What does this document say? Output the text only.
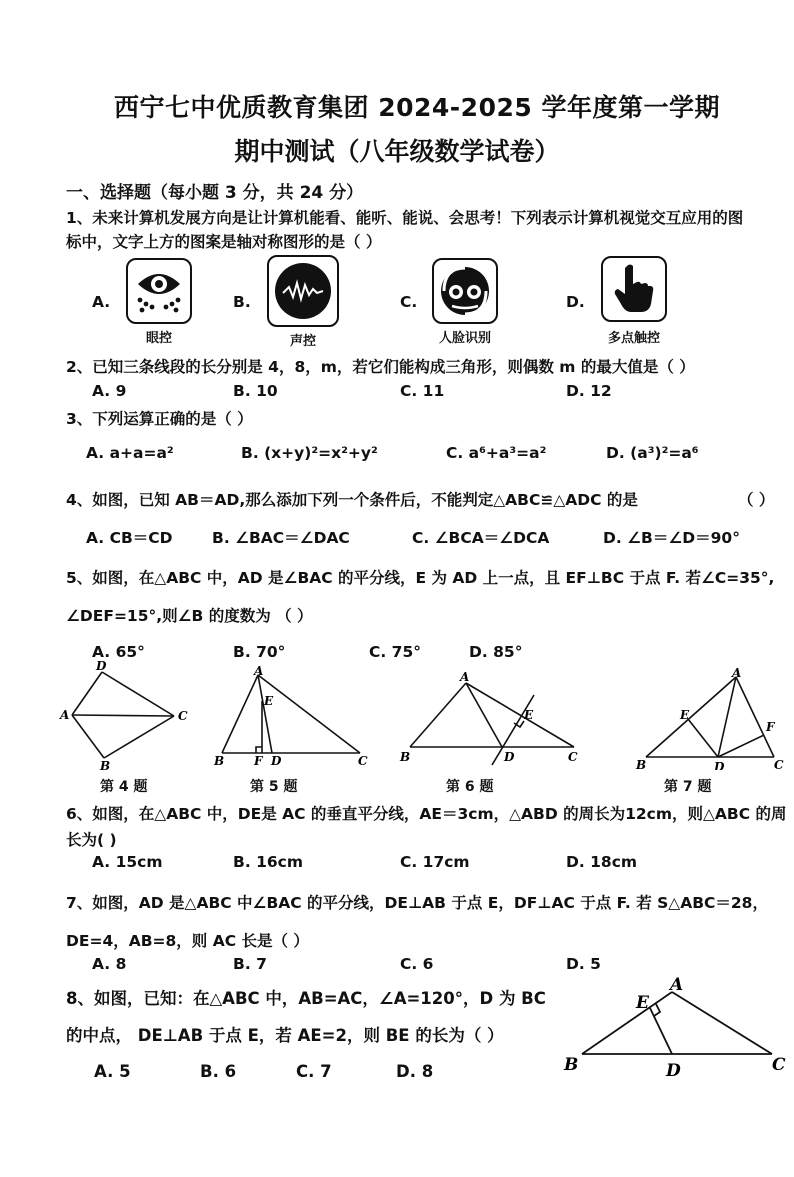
西宁七中优质教育集团 2024-2025 学年度第一学期
期中测试（八年级数学试卷）
一、选择题（每小题 3 分，共 24 分）
1、未来计算机发展方向是让计算机能看、能听、能说、会思考！下列表示计算机视觉交互应用的图
标中，文字上方的图案是轴对称图形的是（ ）
A.
眼控
B.
声控
C.
人脸识别
D.
多点触控
2、已知三条线段的长分别是 4，8，m，若它们能构成三角形，则偶数 m 的最大值是（ ）
A. 9	B. 10	C. 11	D. 12
3、下列运算正确的是（ ）
A. a+a=a²	B. (x+y)²=x²+y²	C. a⁶+a³=a²	D. (a³)²=a⁶
4、如图，已知 AB＝AD,那么添加下列一个条件后，不能判定△ABC≌△ADC 的是	（ ）
A. CB＝CD	B. ∠BAC＝∠DAC	C. ∠BCA＝∠DCA	D. ∠B＝∠D＝90°
5、如图，在△ABC 中，AD 是∠BAC 的平分线，E 为 AD 上一点，且 EF⊥BC 于点 F. 若∠C=35°,
∠DEF=15°,则∠B 的度数为 （ ）
A. 65°	B. 70°	C. 75°	D. 85°
D
A	C
B
第 4 题
A
E
B F D	C
第 5 题
A
E
B	D	C
第 6 题
A
E
F
B	D	C
第 7 题
6、如图，在△ABC 中，DE是 AC 的垂直平分线，AE＝3cm，△ABD 的周长为12cm，则△ABC 的周
长为( )
A. 15cm	B. 16cm	C. 17cm	D. 18cm
7、如图，AD 是△ABC 中∠BAC 的平分线，DE⊥AB 于点 E，DF⊥AC 于点 F. 若 S△ABC＝28，
DE=4，AB=8，则 AC 长是（ ）
A. 8	B. 7	C. 6	D. 5
8、如图，已知：在△ABC 中，AB=AC，∠A=120°，D 为 BC
的中点， DE⊥AB 于点 E，若 AE=2，则 BE 的长为（ ）
A. 5	B. 6	C. 7	D. 8
A
E
B	D	C
